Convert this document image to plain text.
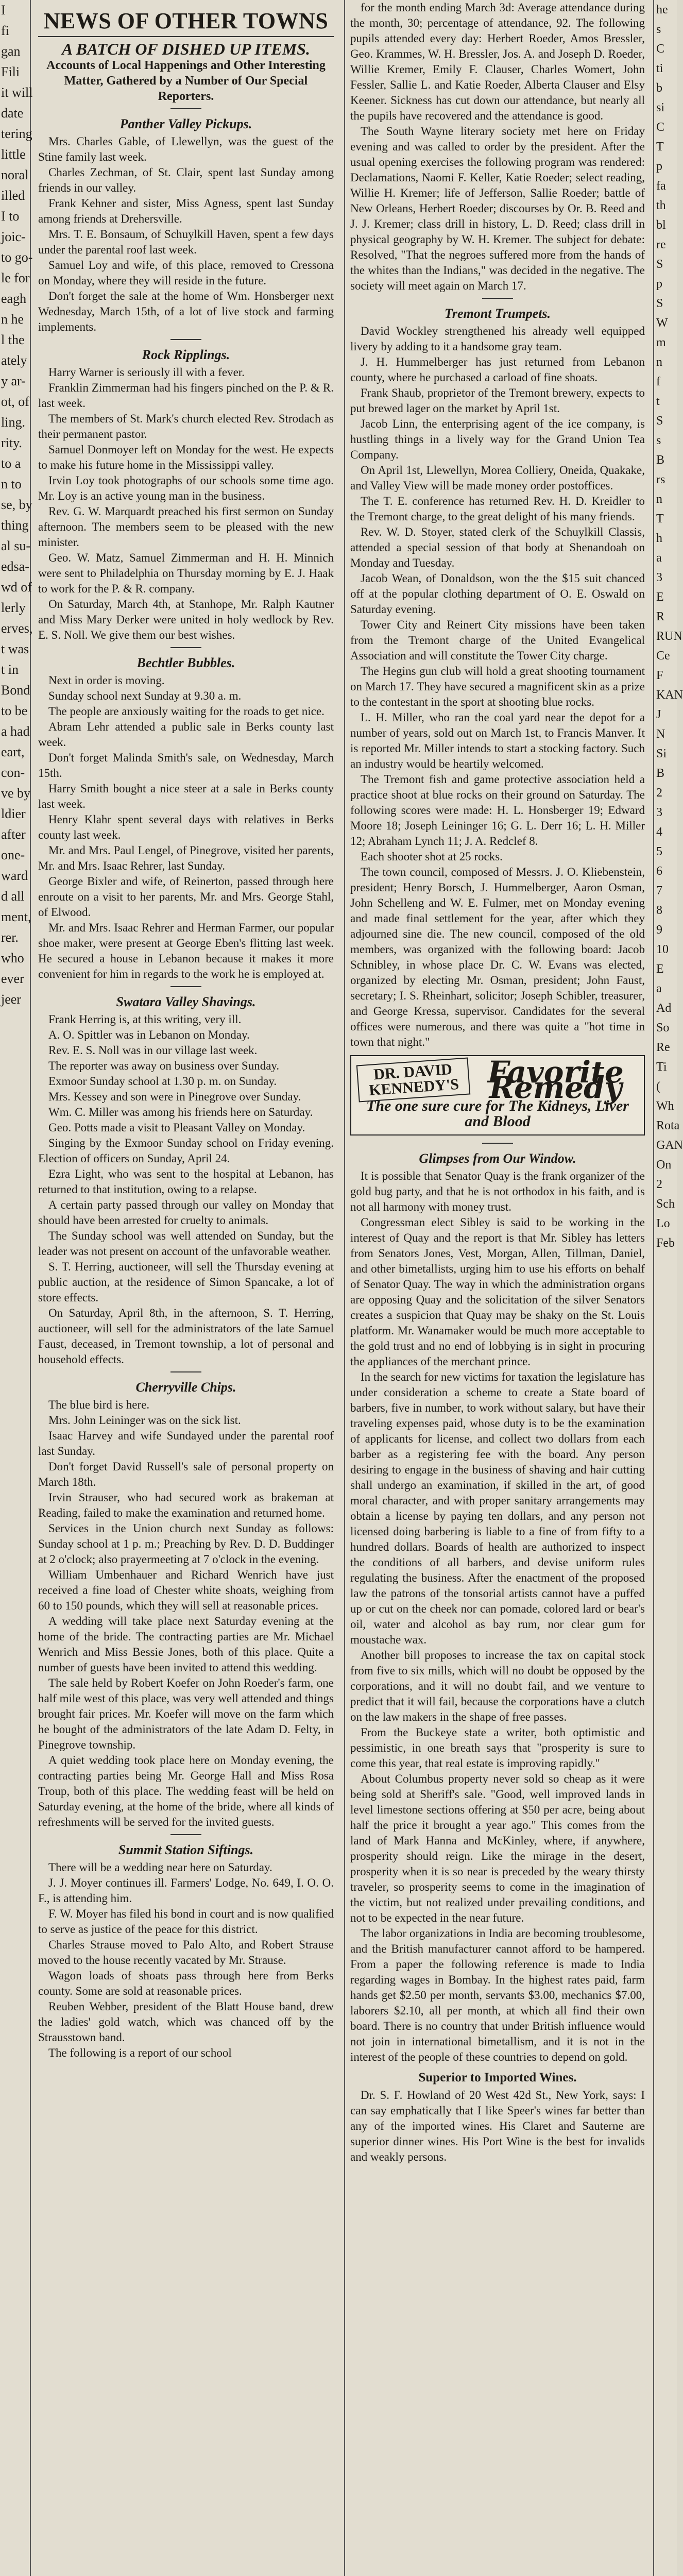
I
fi
gan
Fili
it will
date
tering
little
noral
illed
I to
joic-
to go-
le for
eagh
n he
l the
ately
y ar-
ot, of
ling.
rity.
to a
n to
se, by
thing
al su-
edsa-
wd of
lerly
erves,
t was
t in
Bond
to be
a had
eart,
con-
ve by
ldier
after
one-
ward
d all
ment,
rer.
who
ever
jeer
NEWS OF OTHER TOWNS
A BATCH OF DISHED UP ITEMS.
Accounts of Local Happenings and Other Interesting Matter, Gathered by a Number of Our Special Reporters.
Panther Valley Pickups.

Mrs. Charles Gable, of Llewellyn, was the guest of the Stine family last week.

Charles Zechman, of St. Clair, spent last Sunday among friends in our valley.

Frank Kehner and sister, Miss Agness, spent last Sunday among friends at Drehersville.

Mrs. T. E. Bonsaum, of Schuylkill Haven, spent a few days under the parental roof last week.

Samuel Loy and wife, of this place, removed to Cressona on Monday, where they will reside in the future.

Don't forget the sale at the home of Wm. Honsberger next Wednesday, March 15th, of a lot of live stock and farming implements.

Rock Ripplings.

Harry Warner is seriously ill with a fever.

Franklin Zimmerman had his fingers pinched on the P. & R. last week.

The members of St. Mark's church elected Rev. Strodach as their permanent pastor.

Samuel Donmoyer left on Monday for the west. He expects to make his future home in the Mississippi valley.

Irvin Loy took photographs of our schools some time ago. Mr. Loy is an active young man in the business.

Rev. G. W. Marquardt preached his first sermon on Sunday afternoon. The members seem to be pleased with the new minister.

Geo. W. Matz, Samuel Zimmerman and H. H. Minnich were sent to Philadelphia on Thursday morning by E. J. Haak to work for the P. & R. company.

On Saturday, March 4th, at Stanhope, Mr. Ralph Kautner and Miss Mary Derker were united in holy wedlock by Rev. E. S. Noll. We give them our best wishes.

Bechtler Bubbles.

Next in order is moving.

Sunday school next Sunday at 9.30 a. m.

The people are anxiously waiting for the roads to get nice.

Abram Lehr attended a public sale in Berks county last week.

Don't forget Malinda Smith's sale, on Wednesday, March 15th.

Harry Smith bought a nice steer at a sale in Berks county last week.

Henry Klahr spent several days with relatives in Berks county last week.

Mr. and Mrs. Paul Lengel, of Pinegrove, visited her parents, Mr. and Mrs. Isaac Rehrer, last Sunday.

George Bixler and wife, of Reinerton, passed through here enroute on a visit to her parents, Mr. and Mrs. George Stahl, of Elwood.

Mr. and Mrs. Isaac Rehrer and Herman Farmer, our popular shoe maker, were present at George Eben's flitting last week. He secured a house in Lebanon because it makes it more convenient for him in regards to the work he is employed at.

Swatara Valley Shavings.

Frank Herring is, at this writing, very ill.

A. O. Spittler was in Lebanon on Monday.

Rev. E. S. Noll was in our village last week.

The reporter was away on business over Sunday.

Exmoor Sunday school at 1.30 p. m. on Sunday.

Mrs. Kessey and son were in Pinegrove over Sunday.

Wm. C. Miller was among his friends here on Saturday.

Geo. Potts made a visit to Pleasant Valley on Monday.

Singing by the Exmoor Sunday school on Friday evening. Election of officers on Sunday, April 24.

Ezra Light, who was sent to the hospital at Lebanon, has returned to that institution, owing to a relapse.

A certain party passed through our valley on Monday that should have been arrested for cruelty to animals.

The Sunday school was well attended on Sunday, but the leader was not present on account of the unfavorable weather.

S. T. Herring, auctioneer, will sell the Thursday evening at public auction, at the residence of Simon Spancake, a lot of store effects.

On Saturday, April 8th, in the afternoon, S. T. Herring, auctioneer, will sell for the administrators of the late Samuel Faust, deceased, in Tremont township, a lot of personal and household effects.

Cherryville Chips.

The blue bird is here.

Mrs. John Leininger was on the sick list.

Isaac Harvey and wife Sundayed under the parental roof last Sunday.

Don't forget David Russell's sale of personal property on March 18th.

Irvin Strauser, who had secured work as brakeman at Reading, failed to make the examination and returned home.

Services in the Union church next Sunday as follows: Sunday school at 1 p. m.; Preaching by Rev. D. D. Buddinger at 2 o'clock; also prayermeeting at 7 o'clock in the evening.

William Umbenhauer and Richard Wenrich have just received a fine load of Chester white shoats, weighing from 60 to 150 pounds, which they will sell at reasonable prices.

A wedding will take place next Saturday evening at the home of the bride. The contracting parties are Mr. Michael Wenrich and Miss Bessie Jones, both of this place. Quite a number of guests have been invited to attend this wedding.

The sale held by Robert Koefer on John Roeder's farm, one half mile west of this place, was very well attended and things brought fair prices. Mr. Koefer will move on the farm which he bought of the administrators of the late Adam D. Felty, in Pinegrove township.

A quiet wedding took place here on Monday evening, the contracting parties being Mr. George Hall and Miss Rosa Troup, both of this place. The wedding feast will be held on Saturday evening, at the home of the bride, where all kinds of refreshments will be served for the invited guests.

Summit Station Siftings.

There will be a wedding near here on Saturday.

J. J. Moyer continues ill. Farmers' Lodge, No. 649, I. O. O. F., is attending him.

F. W. Moyer has filed his bond in court and is now qualified to serve as justice of the peace for this district.

Charles Strause moved to Palo Alto, and Robert Strause moved to the house recently vacated by Mr. Strause.

Wagon loads of shoats pass through here from Berks county. Some are sold at reasonable prices.

Reuben Webber, president of the Blatt House band, drew the ladies' gold watch, which was chanced off by the Strausstown band.

The following is a report of our school

for the month ending March 3d: Average attendance during the month, 30; percentage of attendance, 92. The following pupils attended every day: Herbert Roeder, Amos Bressler, Geo. Krammes, W. H. Bressler, Jos. A. and Joseph D. Roeder, Willie Kremer, Emily F. Clauser, Charles Womert, John Fessler, Sallie L. and Katie Roeder, Alberta Clauser and Elsy Keener. Sickness has cut down our attendance, but nearly all the pupils have recovered and the attendance is good.

The South Wayne literary society met here on Friday evening and was called to order by the president. After the usual opening exercises the following program was rendered: Declamations, Naomi F. Keller, Katie Roeder; select reading, Willie H. Kremer; life of Jefferson, Sallie Roeder; battle of New Orleans, Herbert Roeder; discourses by Or. B. Reed and J. J. Kremer; class drill in history, L. D. Reed; class drill in physical geography by W. H. Kremer. The subject for debate: Resolved, "That the negroes suffered more from the hands of the whites than the Indians," was decided in the negative. The society will meet again on March 17.

Tremont Trumpets.

David Wockley strengthened his already well equipped livery by adding to it a handsome gray team.

J. H. Hummelberger has just returned from Lebanon county, where he purchased a carload of fine shoats.

Frank Shaub, proprietor of the Tremont brewery, expects to put brewed lager on the market by April 1st.

Jacob Linn, the enterprising agent of the ice company, is hustling things in a lively way for the Grand Union Tea Company.

On April 1st, Llewellyn, Morea Colliery, Oneida, Quakake, and Valley View will be made money order postoffices.

The T. E. conference has returned Rev. H. D. Kreidler to the Tremont charge, to the great delight of his many friends.

Rev. W. D. Stoyer, stated clerk of the Schuylkill Classis, attended a special session of that body at Shenandoah on Monday and Tuesday.

Jacob Wean, of Donaldson, won the the $15 suit chanced off at the popular clothing department of O. E. Oswald on Saturday evening.

Tower City and Reinert City missions have been taken from the Tremont charge of the United Evangelical Association and will constitute the Tower City charge.

The Hegins gun club will hold a great shooting tournament on March 17. They have secured a magnificent skin as a prize to the contestant in the sport at shooting blue rocks.

L. H. Miller, who ran the coal yard near the depot for a number of years, sold out on March 1st, to Francis Manver. It is reported Mr. Miller intends to start a stocking factory. Such an industry would be heartily welcomed.

The Tremont fish and game protective association held a practice shoot at blue rocks on their ground on Saturday. The following scores were made: H. L. Honsberger 19; Edward Moore 18; Joseph Leininger 16; G. L. Derr 16; L. H. Miller 12; Abraham Lynch 11; J. A. Redclef 8.

Each shooter shot at 25 rocks.

The town council, composed of Messrs. J. O. Kliebenstein, president; Henry Borsch, J. Hummelberger, Aaron Osman, John Schelleng and W. E. Fulmer, met on Monday evening and made final settlement for the year, after which they adjourned sine die. The new council, composed of the old members, was organized with the following board: Jacob Schnibley, in whose place Dr. C. W. Evans was elected, organized by electing Mr. Osman, president; John Faust, secretary; I. S. Rheinhart, solicitor; Joseph Schibler, treasurer, and George Kressa, supervisor. Candidates for the several offices were numerous, and there was quite a "hot time in town that night."

DR. DAVID KENNEDY'S Favorite Remedy
The one sure cure for The Kidneys, Liver and Blood
Glimpses from Our Window.

It is possible that Senator Quay is the frank organizer of the gold bug party, and that he is not orthodox in his faith, and is not all harmony with money trust.

Congressman elect Sibley is said to be working in the interest of Quay and the report is that Mr. Sibley has letters from Senators Jones, Vest, Morgan, Allen, Tillman, Daniel, and other bimetallists, urging him to use his efforts on behalf of Senator Quay. The way in which the administration organs are opposing Quay and the solicitation of the silver Senators creates a suspicion that Quay may be shaky on the St. Louis platform. Mr. Wanamaker would be much more acceptable to the gold trust and no end of lobbying is in sight in procuring the appliances of the merchant prince.

In the search for new victims for taxation the legislature has under consideration a scheme to create a State board of barbers, five in number, to work without salary, but have their traveling expenses paid, whose duty is to be the examination of applicants for license, and collect two dollars from each barber as a registering fee with the board. Any person desiring to engage in the business of shaving and hair cutting shall undergo an examination, if skilled in the art, of good moral character, and with proper sanitary arrangements may obtain a license by paying ten dollars, and any person not licensed doing barbering is liable to a fine of from fifty to a hundred dollars. Boards of health are authorized to inspect the conditions of all barbers, and devise uniform rules regulating the business. After the enactment of the proposed law the patrons of the tonsorial artists cannot have a puffed up or cut on the cheek nor can pomade, colored lard or bear's oil, water and alcohol as bay rum, nor clear gum for moustache wax.

Another bill proposes to increase the tax on capital stock from five to six mills, which will no doubt be opposed by the corporations, and it will no doubt fail, and we venture to predict that it will fail, because the corporations have a clutch on the law makers in the shape of free passes.

From the Buckeye state a writer, both optimistic and pessimistic, in one breath says that "prosperity is sure to come this year, that real estate is improving rapidly."

About Columbus property never sold so cheap as it were being sold at Sheriff's sale. "Good, well improved lands in level limestone sections offering at $50 per acre, being about half the price it brought a year ago." This comes from the land of Mark Hanna and McKinley, where, if anywhere, prosperity should reign. Like the mirage in the desert, prosperity when it is so near is preceded by the weary thirsty traveler, so prosperity seems to come in the imagination of the victim, but not realized under prevailing conditions, and not to be expected in the near future.

The labor organizations in India are becoming troublesome, and the British manufacturer cannot afford to be hampered. From a paper the following reference is made to India regarding wages in Bombay. In the highest rates paid, farm hands get $2.50 per month, servants $3.00, mechanics $7.00, laborers $2.10, all per month, at which all find their own board. There is no country that under British influence would not join in international bimetallism, and it is not in the interest of the people of these countries to depend on gold.

Superior to Imported Wines.

Dr. S. F. Howland of 20 West 42d St., New York, says: I can say emphatically that I like Speer's wines far better than any of the imported wines. His Claret and Sauterne are superior dinner wines. His Port Wine is the best for invalids and weakly persons.

he
s
C
ti
b
si
C
T
p
fa
th
bl
re
S
p
S
W
m
n
f
t
S
s
B
rs
n
T
h
a
3
E
R
RUN
Ce
F
KAN
J
N
Si
B
2
3
4
5
6
7
8
9
10
E
a
Ad
So
Re
Ti
(
Wh
Rota
GAN
On
2
Sch
Lo
Feb
